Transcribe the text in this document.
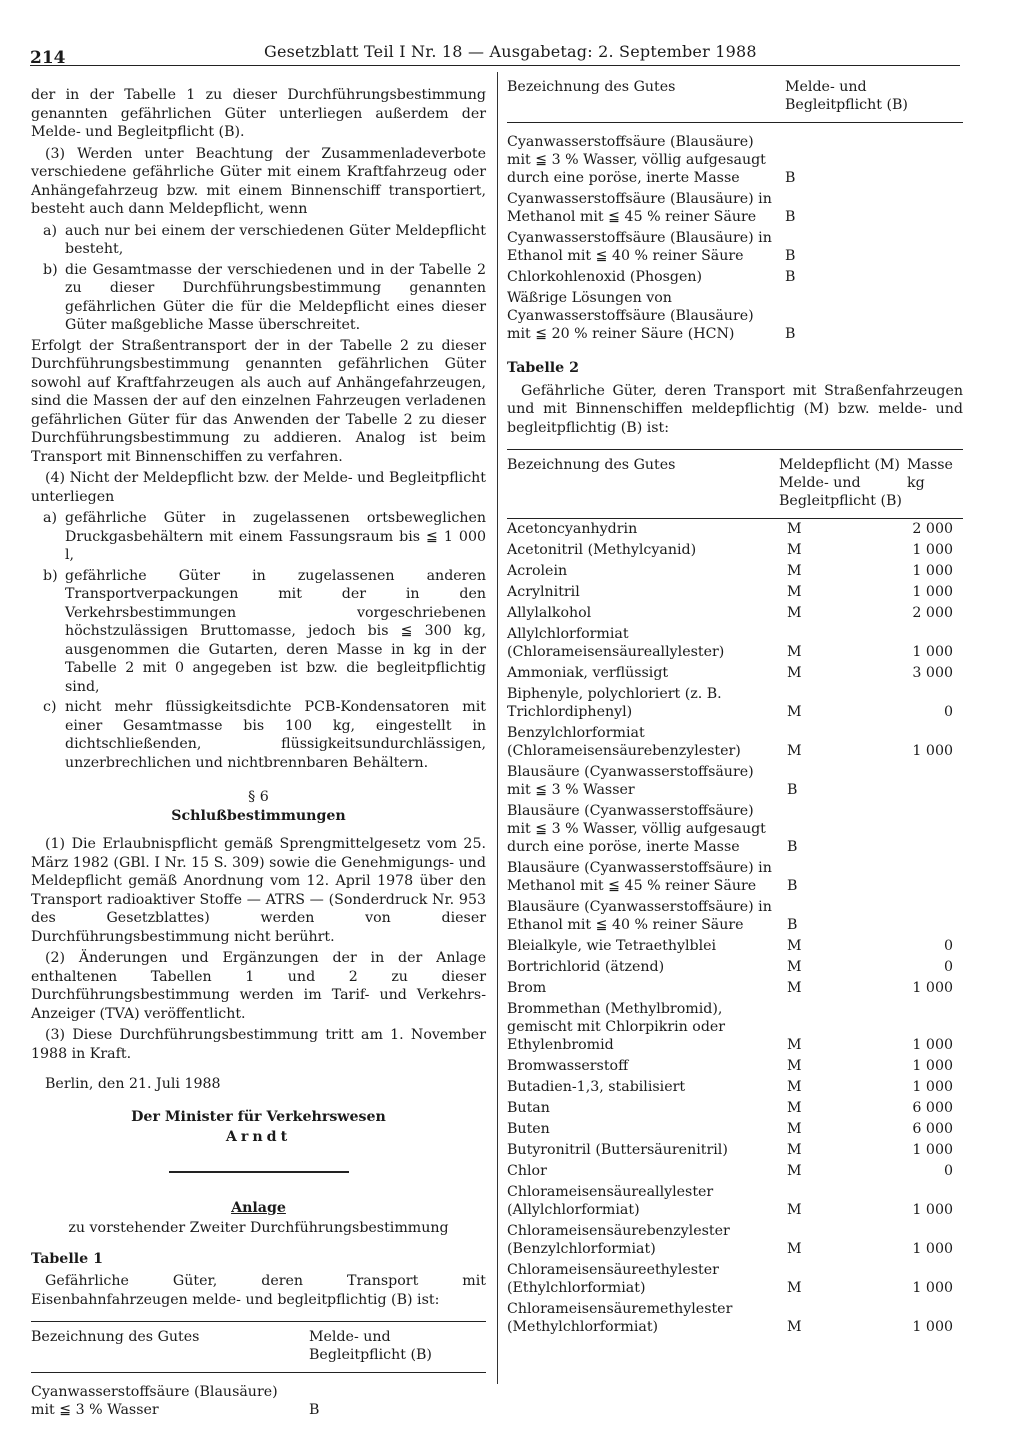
214	Gesetzblatt Teil I Nr. 18 — Ausgabetag: 2. September 1988

der in der Tabelle 1 zu dieser Durchführungsbestimmung genannten gefährlichen Güter unterliegen außerdem der Melde- und Begleitpflicht (B).

(3) Werden unter Beachtung der Zusammenladeverbote verschiedene gefährliche Güter mit einem Kraftfahrzeug oder Anhängefahrzeug bzw. mit einem Binnenschiff transportiert, besteht auch dann Meldepflicht, wenn

a) auch nur bei einem der verschiedenen Güter Meldepflicht besteht,
b) die Gesamtmasse der verschiedenen und in der Tabelle 2 zu dieser Durchführungsbestimmung genannten gefährlichen Güter die für die Meldepflicht eines dieser Güter maßgebliche Masse überschreitet.

Erfolgt der Straßentransport der in der Tabelle 2 zu dieser Durchführungsbestimmung genannten gefährlichen Güter sowohl auf Kraftfahrzeugen als auch auf Anhängefahrzeugen, sind die Massen der auf den einzelnen Fahrzeugen verladenen gefährlichen Güter für das Anwenden der Tabelle 2 zu dieser Durchführungsbestimmung zu addieren. Analog ist beim Transport mit Binnenschiffen zu verfahren.

(4) Nicht der Meldepflicht bzw. der Melde- und Begleitpflicht unterliegen

a) gefährliche Güter in zugelassenen ortsbeweglichen Druckgasbehältern mit einem Fassungsraum bis ≦ 1 000 l,
b) gefährliche Güter in zugelassenen anderen Transportverpackungen mit der in den Verkehrsbestimmungen vorgeschriebenen höchstzulässigen Bruttomasse, jedoch bis ≦ 300 kg, ausgenommen die Gutarten, deren Masse in kg in der Tabelle 2 mit 0 angegeben ist bzw. die begleitpflichtig sind,
c) nicht mehr flüssigkeitsdichte PCB-Kondensatoren mit einer Gesamtmasse bis 100 kg, eingestellt in dichtschließenden, flüssigkeitsundurchlässigen, unzerbrechlichen und nichtbrennbaren Behältern.

§ 6

Schlußbestimmungen

(1) Die Erlaubnispflicht gemäß Sprengmittelgesetz vom 25. März 1982 (GBl. I Nr. 15 S. 309) sowie die Genehmigungs- und Meldepflicht gemäß Anordnung vom 12. April 1978 über den Transport radioaktiver Stoffe — ATRS — (Sonderdruck Nr. 953 des Gesetzblattes) werden von dieser Durchführungsbestimmung nicht berührt.

(2) Änderungen und Ergänzungen der in der Anlage enthaltenen Tabellen 1 und 2 zu dieser Durchführungsbestimmung werden im Tarif- und Verkehrs-Anzeiger (TVA) veröffentlicht.

(3) Diese Durchführungsbestimmung tritt am 1. November 1988 in Kraft.

Berlin, den 21. Juli 1988

Der Minister für Verkehrswesen

Arndt

Anlage

zu vorstehender Zweiter Durchführungsbestimmung

Tabelle 1

Gefährliche Güter, deren Transport mit Eisenbahnfahrzeugen melde- und begleitpflichtig (B) ist:

Bezeichnung des Gutes	Melde- und Begleitpflicht (B)
Cyanwasserstoffsäure (Blausäure) mit ≦ 3 % Wasser	B
Bezeichnung des Gutes	Melde- und Begleitpflicht (B)
Cyanwasserstoffsäure (Blausäure) mit ≦ 3 % Wasser, völlig aufgesaugt durch eine poröse, inerte Masse	B
Cyanwasserstoffsäure (Blausäure) in Methanol mit ≦ 45 % reiner Säure	B
Cyanwasserstoffsäure (Blausäure) in Ethanol mit ≦ 40 % reiner Säure	B
Chlorkohlenoxid (Phosgen)	B
Wäßrige Lösungen von Cyanwasserstoffsäure (Blausäure) mit ≦ 20 % reiner Säure (HCN)	B

Tabelle 2

Gefährliche Güter, deren Transport mit Straßenfahrzeugen und mit Binnenschiffen meldepflichtig (M) bzw. melde- und begleitpflichtig (B) ist:

Bezeichnung des Gutes	Meldepflicht (M) Melde- und Begleitpflicht (B)	Masse kg
Acetoncyanhydrin	M	2 000
Acetonitril (Methylcyanid)	M	1 000
Acrolein	M	1 000
Acrylnitril	M	1 000
Allylalkohol	M	2 000
Allylchlorformiat (Chlorameisensäureallylester)	M	1 000
Ammoniak, verflüssigt	M	3 000
Biphenyle, polychloriert (z. B. Trichlordiphenyl)	M	0
Benzylchlorformiat (Chlorameisensäurebenzylester)	M	1 000
Blausäure (Cyanwasserstoffsäure) mit ≦ 3 % Wasser	B	
Blausäure (Cyanwasserstoffsäure) mit ≦ 3 % Wasser, völlig aufgesaugt durch eine poröse, inerte Masse	B	
Blausäure (Cyanwasserstoffsäure) in Methanol mit ≦ 45 % reiner Säure	B	
Blausäure (Cyanwasserstoffsäure) in Ethanol mit ≦ 40 % reiner Säure	B	
Bleialkyle, wie Tetraethylblei	M	0
Bortrichlorid (ätzend)	M	0
Brom	M	1 000
Brommethan (Methylbromid), gemischt mit Chlorpikrin oder Ethylenbromid	M	1 000
Bromwasserstoff	M	1 000
Butadien-1,3, stabilisiert	M	1 000
Butan	M	6 000
Buten	M	6 000
Butyronitril (Buttersäurenitril)	M	1 000
Chlor	M	0
Chlorameisensäureallylester (Allylchlorformiat)	M	1 000
Chlorameisensäurebenzylester (Benzylchlorformiat)	M	1 000
Chlorameisensäureethylester (Ethylchlorformiat)	M	1 000
Chlorameisensäuremethylester (Methylchlorformiat)	M	1 000
